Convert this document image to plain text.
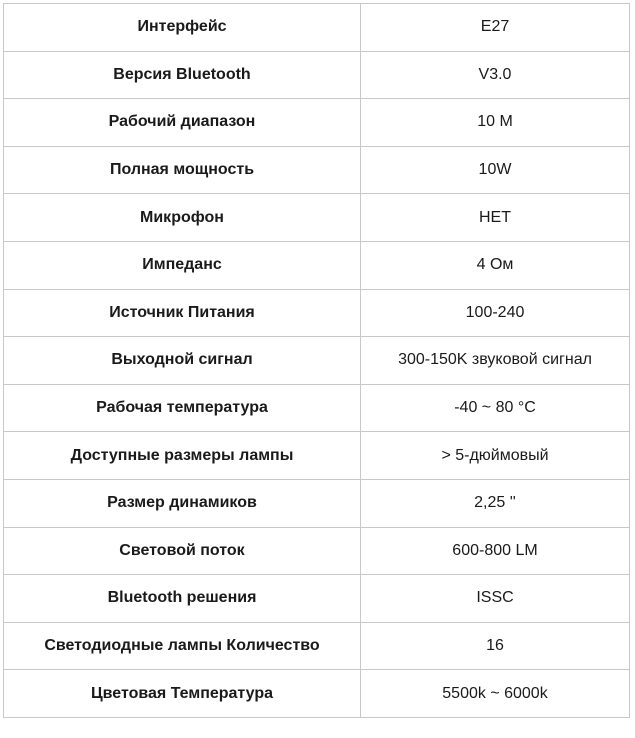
Интерфейс	E27
Версия Bluetooth	V3.0
Рабочий диапазон	10 M
Полная мощность	10W
Микрофон	НЕТ
Импеданс	4 Ом
Источник Питания	100-240
Выходной сигнал	300-150K звуковой сигнал
Рабочая температура	-40 ~ 80 °C
Доступные размеры лампы	> 5-дюймовый
Размер динамиков	2,25 ''
Световой поток	600-800 LM
Bluetooth решения	ISSC
Светодиодные лампы Количество	16
Цветовая Температура	5500k ~ 6000k
